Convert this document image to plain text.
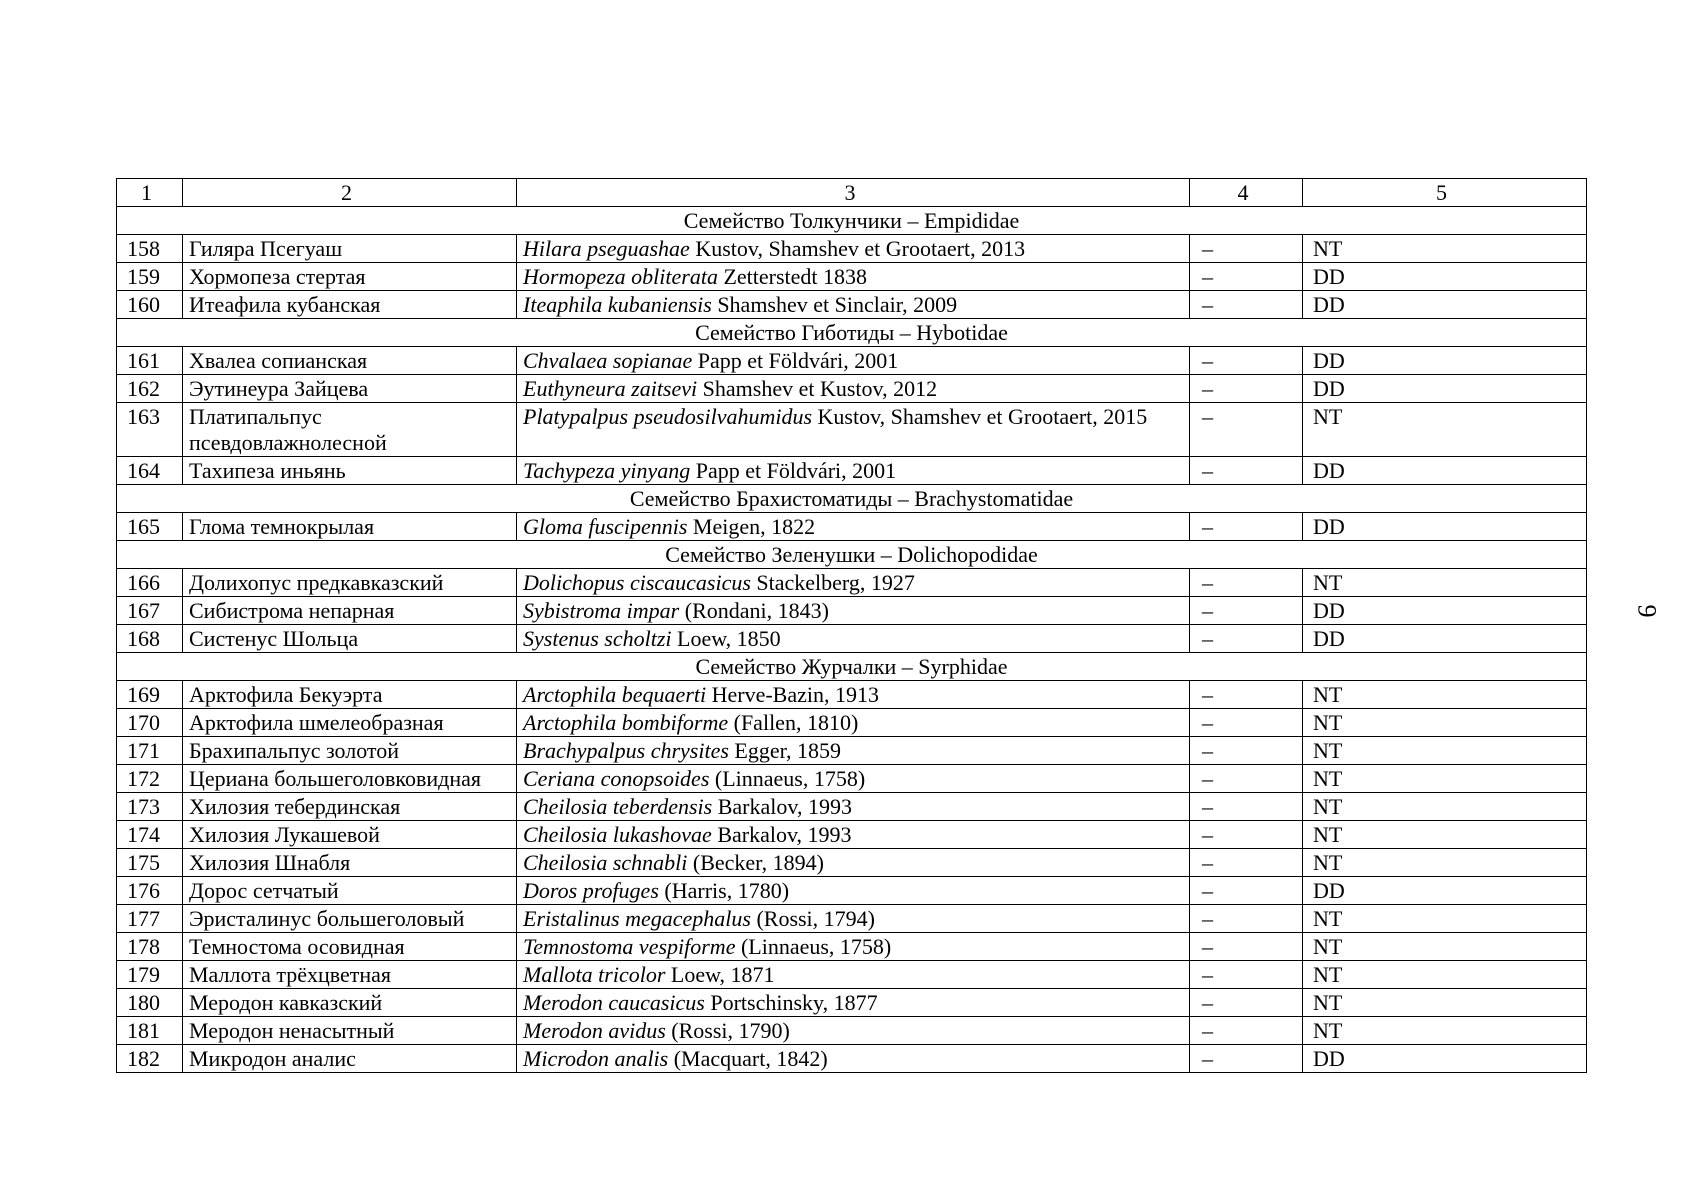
1	2	3	4	5
Семейство Толкунчики – Empididae				
158	Гиляра Псегуаш	Hilara pseguashae Kustov, Shamshev et Grootaert, 2013	–	NT
159	Хормопеза стертая	Hormopeza obliterata Zetterstedt 1838	–	DD
160	Итеафила кубанская	Iteaphila kubaniensis Shamshev et Sinclair, 2009	–	DD
Семейство Гиботиды – Hybotidae				
161	Хвалеа сопианская	Chvalaea sopianae Papp et Földvári, 2001	–	DD
162	Эутинеура Зайцева	Euthyneura zaitsevi Shamshev et Kustov, 2012	–	DD
163	Платипальпус псевдовлажнолесной	Platypalpus pseudosilvahumidus Kustov, Shamshev et Grootaert, 2015	–	NT
164	Тахипеза иньянь	Tachypeza yinyang Papp et Földvári, 2001	–	DD
Семейство Брахистоматиды – Brachystomatidae				
165	Глома темнокрылая	Gloma fuscipennis Meigen, 1822	–	DD
Семейство Зеленушки – Dolichopodidae				
166	Долихопус предкавказский	Dolichopus ciscaucasicus Stackelberg, 1927	–	NT
167	Сибистрома непарная	Sybistroma impar (Rondani, 1843)	–	DD
168	Систенус Шольца	Systenus scholtzi Loew, 1850	–	DD
Семейство Журчалки – Syrphidae				
169	Арктофила Бекуэрта	Arctophila bequaerti Herve-Bazin, 1913	–	NT
170	Арктофила шмелеобразная	Arctophila bombiforme (Fallen, 1810)	–	NT
171	Брахипальпус золотой	Brachypalpus chrysites Egger, 1859	–	NT
172	Цериана большеголовковидная	Ceriana conopsoides (Linnaeus, 1758)	–	NT
173	Хилозия тебердинская	Cheilosia teberdensis Barkalov, 1993	–	NT
174	Хилозия Лукашевой	Cheilosia lukashovae Barkalov, 1993	–	NT
175	Хилозия Шнабля	Cheilosia schnabli (Becker, 1894)	–	NT
176	Дорос сетчатый	Doros profuges (Harris, 1780)	–	DD
177	Эристалинус большеголовый	Eristalinus megacephalus (Rossi, 1794)	–	NT
178	Темностома осовидная	Temnostoma vespiforme (Linnaeus, 1758)	–	NT
179	Маллота трёхцветная	Mallota tricolor Loew, 1871	–	NT
180	Меродон кавказский	Merodon caucasicus Portschinsky, 1877	–	NT
181	Меродон ненасытный	Merodon avidus (Rossi, 1790)	–	NT
182	Микродон аналис	Microdon analis (Macquart, 1842)	–	DD
9
